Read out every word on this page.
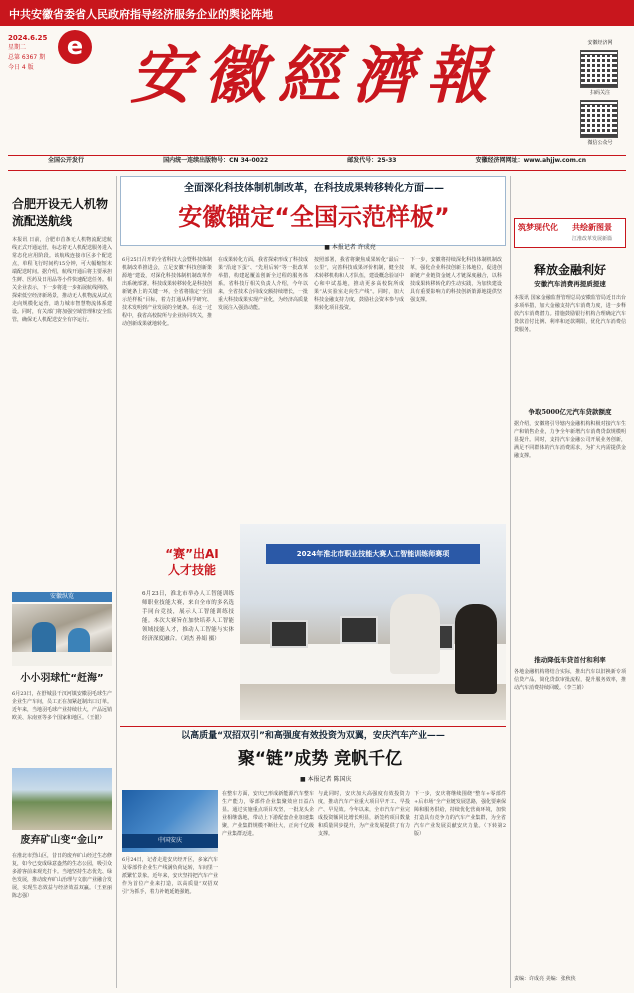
中共安徽省委省人民政府指导经济服务企业的舆论阵地
2024.6.25
星期二
总第 6367 期
今日 4 版
e 安徽經濟報	扫码关注
微信公众号
安徽经济网
全国公开发行	国内统一连续出版物号：CN 34-0022	邮发代号：25-33	安徽经济网网址：www.ahjjw.com.cn
合肥开设无人机物流配送航线
本报讯 日前，合肥市首条无人机物流配送航线正式开通运营，标志着无人机配送服务进入常态化应用阶段。该航线连接市区多个配送点，单程飞行时间约15分钟，可大幅缩短末端配送时间。据介绍，航线开通后将主要承担生鲜、医药及日用品等小件快速配送任务。相关企业表示，下一步将进一步拓展航线网络，探索低空经济新场景，推动无人机物流从试点走向规模化运营，助力城市智慧物流体系建设。同时，有关部门将加强空域管理和安全监管，确保无人机配送安全有序运行。
安徽纵览
小小羽球忙“赶海”
6月23日，在舒城县干汊河镇安徽羽毛球生产企业生产车间，员工正在加紧赶制出口订单。近年来，当地羽毛球产业持续壮大，产品远销欧美、东南亚等多个国家和地区。（王银）
废弃矿山变“金山”
在淮北市烈山区，昔日的废弃矿山经过生态修复，如今已变成绿意盎然的生态公园，吸引众多游客前来观光打卡。当地坚持生态优先、绿色发展，推动废弃矿山治理与文旅产业融合发展，实现生态效益与经济效益双赢。（王亚丽 陈志强）
全面深化科技体制机制改革，在科技成果转移转化方面——
安徽锚定“全国示范样板”
■ 本报记者 许成亮
6月25日召开的全省科技大会暨科技体制机制改革推进会，立足安徽“科技创新策源地”建设，对深化科技体制机制改革作出系统部署。科技成果转移转化是科技创新链条上的关键一环，全省将锚定“全国示范样板”目标，着力打通从科学研究、技术发明到产业发展的全链条。在这一过程中，我省高校院所与企业协同攻关，推动创新成果就地转化。
在成果转化方面，我省探索形成了科技成果“沿途下蛋”、“先用后转”等一批改革举措，构建起覆盖创新全过程的服务体系。省科技厅相关负责人介绍，今年以来，全省技术合同成交额持续增长，一批重大科技成果实现产业化，为经济高质量发展注入强劲动能。
按照部署，我省将聚焦成果转化“最后一公里”，完善科技成果评价机制，健全技术转移机构和人才队伍，建设概念验证中心和中试基地，推动更多高校院所成果“从实验室走向生产线”。同时，加大科技金融支持力度，鼓励社会资本参与成果转化项目投资。
下一步，安徽将持续深化科技体制机制改革，强化企业科技创新主体地位，促进创新链产业链资金链人才链深度融合，以科技成果转移转化的生动实践，为加快建设具有重要影响力的科技创新策源地提供坚强支撑。
“赛”出AI人才技能
6月23日，淮北市举办人工智能训练师职业技能大赛，来自全市的多名选手同台竞技，展示人工智能训练技能。本次大赛旨在加快培养人工智能领域技能人才，推动人工智能与实体经济深度融合。（刘杰 孙娟 摄）
2024年淮北市职业技能大赛人工智能训练师赛项
以高质量“双招双引”和高强度有效投资为双翼，安庆汽车产业——
聚“链”成势 竞帆千亿
■ 本报记者 陈国庆
中国安庆
6月24日，记者走进安庆经开区，多家汽车及零部件企业生产线满负荷运转，车间里一派繁忙景象。近年来，安庆坚持把汽车产业作为首位产业来打造，以高质量“双招双引”为抓手，着力补链延链强链。
在整车方面，安庆已形成新能源汽车整车生产能力，零部件企业集聚效应日益凸显。通过实施重点项目攻坚，一批龙头企业相继落地，带动上下游配套企业加速集聚，产业集群规模不断壮大，正向千亿级产业集群迈进。
与此同时，安庆加大高强度有效投资力度，推动汽车产业重大项目早开工、早投产、早见效。今年以来，全市汽车产业完成投资额同比增长明显，新签约项目数量和质量同步提升，为产业发展提供了有力支撑。
下一步，安庆将继续围绕“整车+零部件+后市场”全产业链发展思路，强化要素保障和服务供给，持续优化营商环境，加快打造具有竞争力的汽车产业集群，为全省汽车产业发展贡献安庆力量。（下转第2版）
筑梦现代化	共绘新图景
江淮改革发展新篇
释放金融利好
安徽汽车消费再提质提速
本报讯 国家金融监督管理总局安徽监管局近日出台多项举措，加大金融支持汽车消费力度，进一步释放汽车消费潜力。措施鼓励银行机构合理确定汽车贷款首付比例、利率和还款期限，优化汽车消费信贷服务。
争取5000亿元汽车贷款额度
据介绍，安徽将引导辖内金融机构积极对接汽车生产和销售企业，力争全年新增汽车消费贷款规模明显提升。同时，支持汽车金融公司开展业务创新，满足不同群体的汽车消费需求，为扩大内需提供金融支撑。
推动降低车贷首付和利率
各地金融机构将结合实际，推出汽车以旧换新专项信贷产品，简化贷款审批流程，提升服务效率，推动汽车消费持续回暖。（李兰娟）
责编：许成亮 美编：张秋侠
